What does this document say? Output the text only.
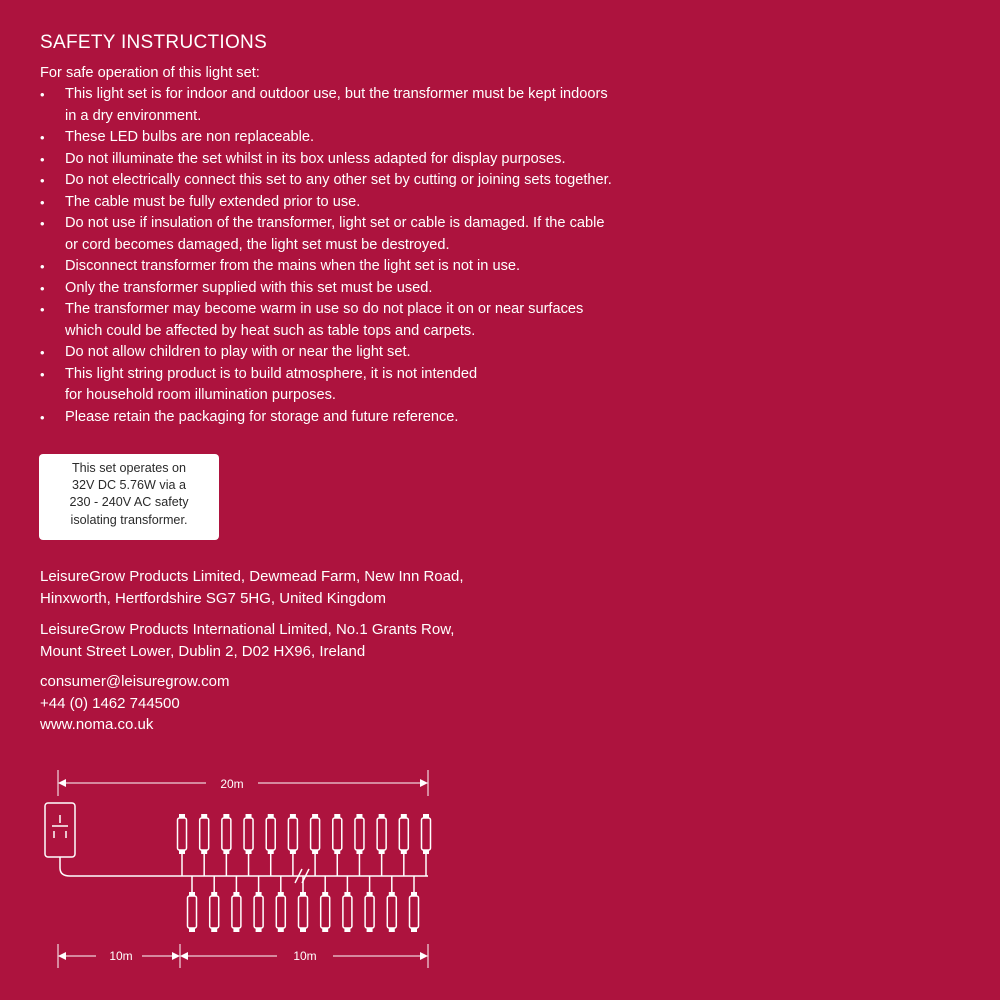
SAFETY INSTRUCTIONS
For safe operation of this light set:
• This light set is for indoor and outdoor use, but the transformer must be kept indoors
in a dry environment.
• These LED bulbs are non replaceable.
• Do not illuminate the set whilst in its box unless adapted for display purposes.
• Do not electrically connect this set to any other set by cutting or joining sets together.
• The cable must be fully extended prior to use.
• Do not use if insulation of the transformer, light set or cable is damaged. If the cable
or cord becomes damaged, the light set must be destroyed.
• Disconnect transformer from the mains when the light set is not in use.
• Only the transformer supplied with this set must be used.
• The transformer may become warm in use so do not place it on or near surfaces
which could be affected by heat such as table tops and carpets.
• Do not allow children to play with or near the light set.
• This light string product is to build atmosphere, it is not intended
for household room illumination purposes.
• Please retain the packaging for storage and future reference.
This set operates on
32V DC 5.76W via a
230 - 240V AC safety
isolating transformer.
LeisureGrow Products Limited, Dewmead Farm, New Inn Road,
Hinxworth, Hertfordshire SG7 5HG, United Kingdom
LeisureGrow Products International Limited, No.1 Grants Row,
Mount Street Lower, Dublin 2, D02 HX96, Ireland
consumer@leisuregrow.com
+44 (0) 1462 744500
www.noma.co.uk
20m
10m	10m
